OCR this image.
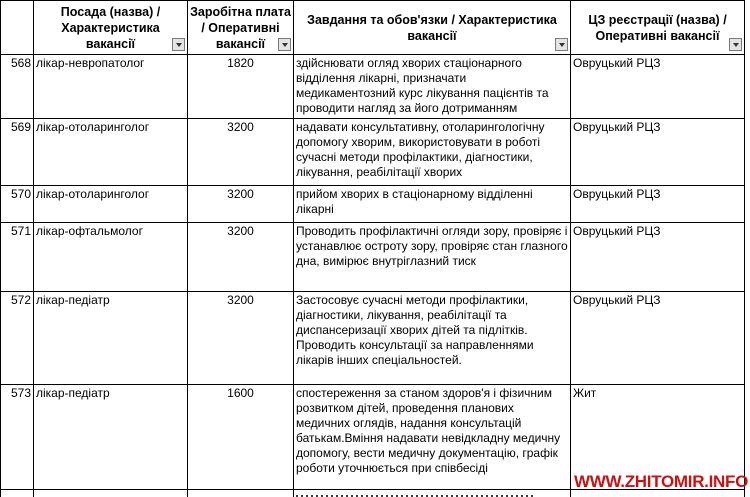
	Посада (назва) / Характеристика вакансії	Заробітна плата / Оперативні вакансії	Завдання та обов'язки / Характеристика вакансії	ЦЗ реєстрації (назва) / Оперативні вакансії

568	лікар-невропатолог	1820	здійснювати огляд хворих стаціонарного відділення лікарні, призначати медикаментозний курс лікування пацієнтів та проводити нагляд за його дотриманням	Овруцький РЦЗ
569	лікар-отоларинголог	3200	надавати консультативну, отоларингологічну допомогу хворим, використовувати в роботі сучасні методи профілактики, діагностики, лікування, реабілітації хворих	Овруцький РЦЗ
570	лікар-отоларинголог	3200	прийом хворих в стаціонарному відділенні лікарні	Овруцький РЦЗ
571	лікар-офтальмолог	3200	Проводить профілактичні огляди зору, провіряє і устанавлює остроту зору, провіряє стан глазного дна, вимірює внутріглазний тиск	Овруцький РЦЗ
572	лікар-педіатр	3200	Застосовує сучасні методи профілактики, діагностики, лікування, реабілітації та диспансеризації хворих дітей та підлітків. Проводить консультації за направленнями лікарів інших спеціальностей.	Овруцький РЦЗ
573	лікар-педіатр	1600	спостереження за станом здоров'я і фізичним розвитком дітей, проведення планових медичних оглядів, надання консультацій батькам.Вміння надавати невідкладну медичну допомогу, вести медичну документацію, графік роботи уточнюється при співбесіді	Жит

WWW.ZHITOMIR.INFO
